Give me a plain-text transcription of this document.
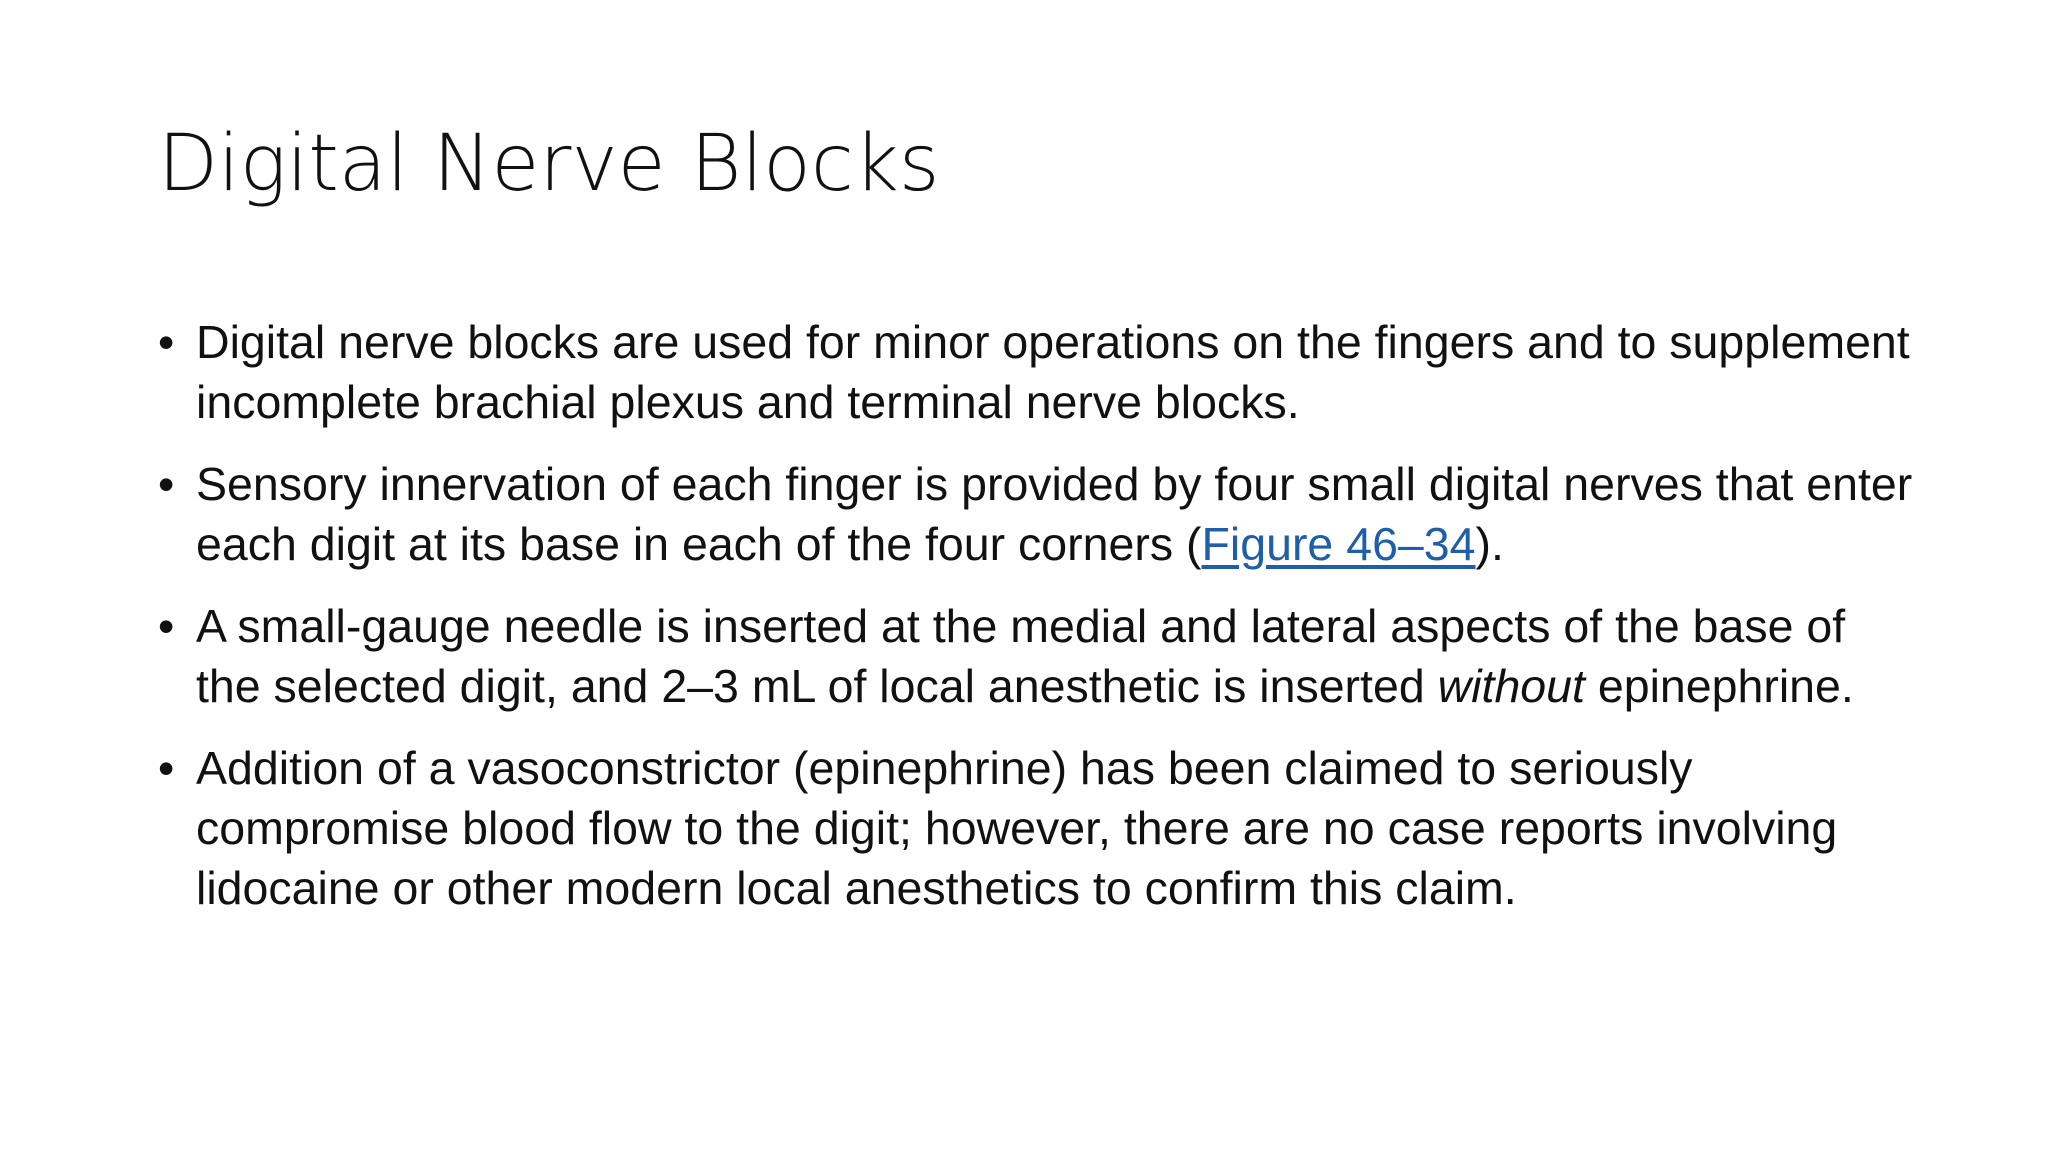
Digital Nerve Blocks
• Digital nerve blocks are used for minor operations on the fingers and to supplement incomplete brachial plexus and terminal nerve blocks.
• Sensory innervation of each finger is provided by four small digital nerves that enter each digit at its base in each of the four corners (Figure 46–34).
• A small-gauge needle is inserted at the medial and lateral aspects of the base of the selected digit, and 2–3 mL of local anesthetic is inserted without epinephrine.
• Addition of a vasoconstrictor (epinephrine) has been claimed to seriously compromise blood flow to the digit; however, there are no case reports involving lidocaine or other modern local anesthetics to confirm this claim.
